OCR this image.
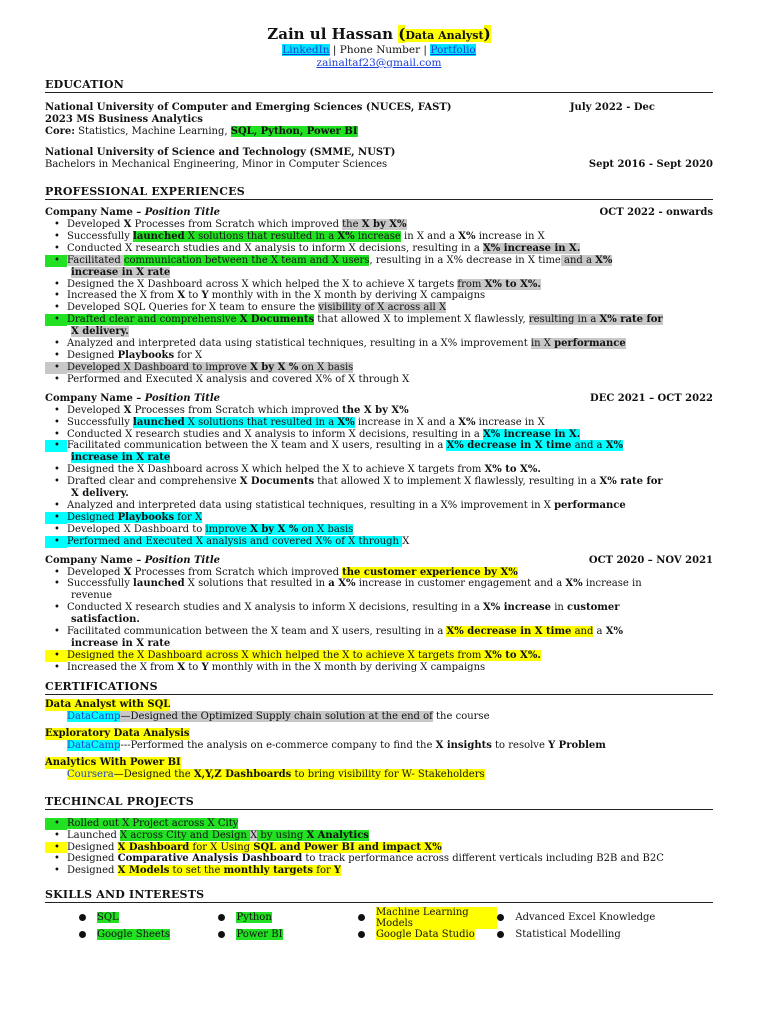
Zain ul Hassan (Data Analyst)
LinkedIn | Phone Number | Portfolio
zainaltaf23@gmail.com
EDUCATION
National University of Computer and Emerging Sciences (NUCES, FAST)	July 2022 - Dec
2023 MS Business Analytics
Core: Statistics, Machine Learning, SQL, Python, Power BI
National University of Science and Technology (SMME, NUST)
Bachelors in Mechanical Engineering, Minor in Computer Sciences	Sept 2016 - Sept 2020
PROFESSIONAL EXPERIENCES
Company Name – Position Title	OCT 2022 - onwards
• Developed X Processes from Scratch which improved the X by X%
• Successfully launched X solutions that resulted in a X% increase in X and a X% increase in X
• Conducted X research studies and X analysis to inform X decisions, resulting in a X% increase in X.
• Facilitated communication between the X team and X users, resulting in a X% decrease in X time and a X%
increase in X rate
• Designed the X Dashboard across X which helped the X to achieve X targets from X% to X%.
• Increased the X from X to Y monthly with in the X month by deriving X campaigns
• Developed SQL Queries for X team to ensure the visibility of X across all X
• Drafted clear and comprehensive X Documents that allowed X to implement X flawlessly, resulting in a X% rate for
X delivery.
• Analyzed and interpreted data using statistical techniques, resulting in a X% improvement in X performance
• Designed Playbooks for X
• Developed X Dashboard to improve X by X % on X basis
• Performed and Executed X analysis and covered X% of X through X
Company Name – Position Title	DEC 2021 – OCT 2022
• Developed X Processes from Scratch which improved the X by X%
• Successfully launched X solutions that resulted in a X% increase in X and a X% increase in X
• Conducted X research studies and X analysis to inform X decisions, resulting in a X% increase in X.
• Facilitated communication between the X team and X users, resulting in a X% decrease in X time and a X%
increase in X rate
• Designed the X Dashboard across X which helped the X to achieve X targets from X% to X%.
• Drafted clear and comprehensive X Documents that allowed X to implement X flawlessly, resulting in a X% rate for
X delivery.
• Analyzed and interpreted data using statistical techniques, resulting in a X% improvement in X performance
• Designed Playbooks for X
• Developed X Dashboard to improve X by X % on X basis
• Performed and Executed X analysis and covered X% of X through X
Company Name – Position Title	OCT 2020 – NOV 2021
• Developed X Processes from Scratch which improved the customer experience by X%
• Successfully launched X solutions that resulted in a X% increase in customer engagement and a X% increase in
revenue
• Conducted X research studies and X analysis to inform X decisions, resulting in a X% increase in customer
satisfaction.
• Facilitated communication between the X team and X users, resulting in a X% decrease in X time and a X%
increase in X rate
• Designed the X Dashboard across X which helped the X to achieve X targets from X% to X%.
• Increased the X from X to Y monthly with in the X month by deriving X campaigns
CERTIFICATIONS
Data Analyst with SQL
DataCamp—Designed the Optimized Supply chain solution at the end of the course
Exploratory Data Analysis
DataCamp---Performed the analysis on e-commerce company to find the X insights to resolve Y Problem
Analytics With Power BI
Coursera—Designed the X,Y,Z Dashboards to bring visibility for W- Stakeholders
TECHINCAL PROJECTS
• Rolled out X Project across X City
• Launched X across City and Design X by using X Analytics
• Designed X Dashboard for X Using SQL and Power BI and impact X%
• Designed Comparative Analysis Dashboard to track performance across different verticals including B2B and B2C
• Designed X Models to set the monthly targets for Y
SKILLS AND INTERESTS
SQL	Python	Machine Learning Models	Advanced Excel Knowledge
Google Sheets	Power BI	Google Data Studio	Statistical Modelling
